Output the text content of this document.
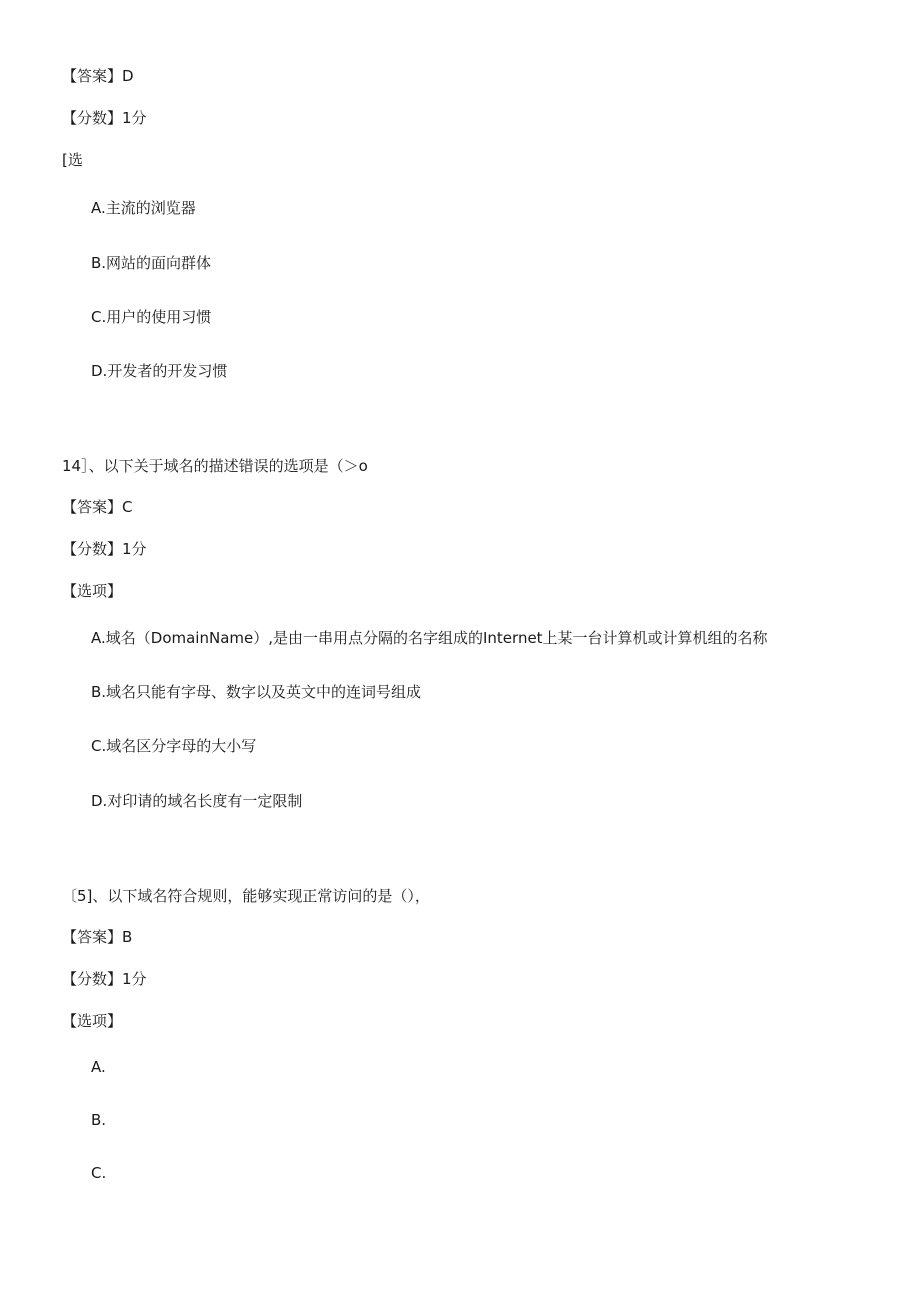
【答案】D
【分数】1分
[选
A.主流的浏览器
B.网站的面向群体
C.用户的使用习惯
D.开发者的开发习惯
14］、以下关于域名的描述错误的选项是（＞o
【答案】C
【分数】1分
【选项】
A.域名（DomainName）,是由一串用点分隔的名字组成的Internet上某一台计算机或计算机组的名称
B.域名只能有字母、数字以及英文中的连词号组成
C.域名区分字母的大小写
D.对印请的域名长度有一定限制
〔5]、以下域名符合规则，能够实现正常访问的是（），
【答案】B
【分数】1分
【选项】
A.
B.
C.
